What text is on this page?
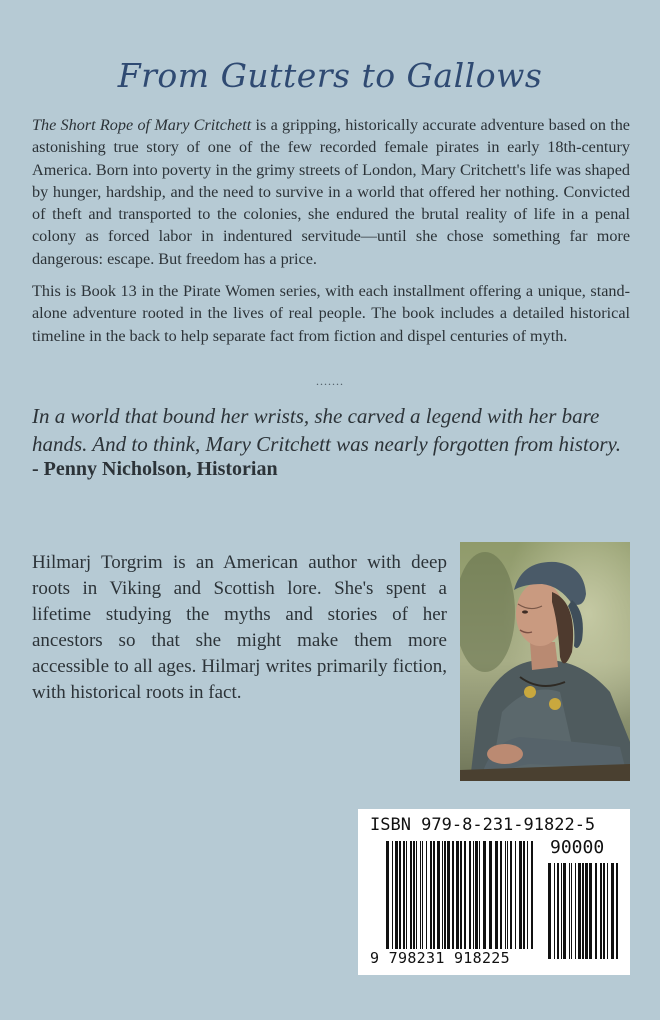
From Gutters to Gallows

The Short Rope of Mary Critchett is a gripping, historically accurate adventure based on the astonishing true story of one of the few recorded female pirates in early 18th-century America. Born into poverty in the grimy streets of London, Mary Critchett's life was shaped by hunger, hardship, and the need to survive in a world that offered her nothing. Convicted of theft and transported to the colonies, she endured the brutal reality of life in a penal colony as forced labor in indentured servitude—until she chose something far more dangerous: escape. But freedom has a price.

This is Book 13 in the Pirate Women series, with each installment offering a unique, stand-alone adventure rooted in the lives of real people. The book includes a detailed historical timeline in the back to help separate fact from fiction and dispel centuries of myth.

.......
In a world that bound her wrists, she carved a legend with her bare hands. And to think, Mary Critchett was nearly forgotten from history.
- Penny Nicholson, Historian
Hilmarj Torgrim is an American author with deep roots in Viking and Scottish lore. She's spent a lifetime studying the myths and stories of her ancestors so that she might make them more accessible to all ages. Hilmarj writes primarily fiction, with historical roots in fact.
ISBN 979-8-231-91822-5
90000
9 798231 918225
